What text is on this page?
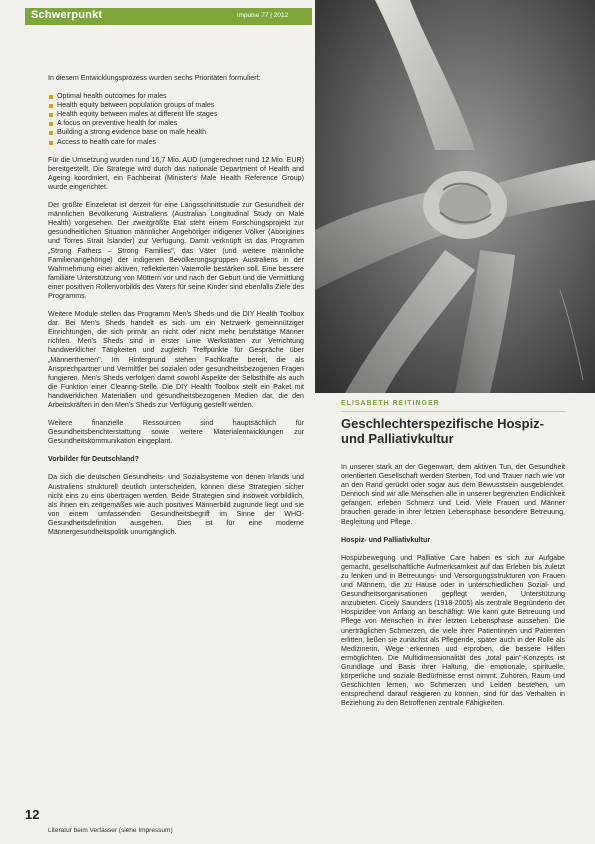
Schwerpunkt	impulse 77 | 2012

In diesem Entwicklungsprozess wurden sechs Prioritäten formuliert:

Optimal health outcomes for males
Health equity between population groups of males
Health equity between males at different life stages
A focus on preventive health for males
Building a strong evidence base on male health
Access to health care for males

Für die Umsetzung wurden rund 16,7 Mio. AUD (umgerechnet rund 12 Mio. EUR) bereitgestellt. Die Strategie wird durch das nationale Department of Health and Ageing koordiniert, ein Fachbeirat (Minister's Male Health Reference Group) wurde eingerichtet.

Der größte Einzeletat ist derzeit für eine Längsschnittstudie zur Gesundheit der männlichen Bevölkerung Australiens (Australian Longitudinal Study on Male Health) vorgesehen. Der zweitgrößte Etat steht einem Forschungsprojekt zur gesundheitlichen Situation männlicher Angehöriger indigener Völker (Aborigines und Torres Strait Islander) zur Verfügung. Damit verknüpft ist das Programm „Strong Fathers – Strong Families", das Väter (und weitere männliche Familienangehörige) der indigenen Bevölkerungsgruppen Australiens in der Wahrnehmung einer aktiven, reflektierten Vaterrolle bestärken soll. Eine bessere familiäre Unterstützung von Müttern vor und nach der Geburt und die Vermittlung einer positiven Rollenvorbilds des Vaters für seine Kinder sind ebenfalls Ziele des Programms.

Weitere Module stellen das Programm Men's Sheds und die DIY Health Toolbox dar. Bei Men's Sheds handelt es sich um ein Netzwerk gemeinnütziger Einrichtungen, die sich primär an nicht oder nicht mehr berufstätige Männer richten. Men's Sheds sind in erster Linie Werkstätten zur Verrichtung handwerklicher Tätigkeiten und zugleich Treffpunkte für Gespräche über „Männerthemen". Im Hintergrund stehen Fachkräfte bereit, die als Ansprechpartner und Vermittler bei sozialen oder gesundheitsbezogenen Fragen fungieren. Men's Sheds verfolgen damit sowohl Aspekte der Selbsthilfe als auch die Funktion einer Clearing-Stelle. Die DIY Health Toolbox stellt ein Paket mit handwerklichen Materialien und gesundheitsbezogenen Medien dar, die den Arbeitskräften in den Men's Sheds zur Verfügung gestellt werden.

Weitere finanzielle Ressourcen sind hauptsächlich für Gesundheitsberichterstattung sowie weitere Materialentwicklungen zur Gesundheitskommunikation eingeplant.

Vorbilder für Deutschland?

Da sich die deutschen Gesundheits- und Sozialsysteme von denen Irlands und Australiens strukturell deutlich unterscheiden, können diese Strategien sicher nicht eins zu eins übertragen werden. Beide Strategien sind insoweit vorbildlich, als ihnen ein zeitgemäßes wie auch positives Männerbild zugrunde liegt und sie von einem umfassenden Gesundheitsbegriff im Sinne der WHO-Gesundheitsdefinition ausgehen. Dies ist für eine moderne Männergesundheitspolitik unumgänglich.

12
Literatur beim Verfasser (siehe Impressum)
ELISABETH REITINGER
Geschlechterspezifische Hospiz- und Palliativkultur

In unserer stark an der Gegenwart, dem aktiven Tun, der Gesundheit orientierten Gesellschaft werden Sterben, Tod und Trauer nach wie vor an den Rand gerückt oder sogar aus dem Bewusstsein ausgeblendet. Dennoch sind wir alle Menschen alle in unserer begrenzten Endlichkeit gefangen, erleben Schmerz und Leid. Viele Frauen und Männer brauchen gerade in ihrer letzten Lebensphase besondere Betreuung, Begleitung und Pflege.

Hospiz- und Palliativkultur

Hospizbewegung und Palliative Care haben es sich zur Aufgabe gemacht, gesellschaftliche Aufmerksamkeit auf das Erleben bis zuletzt zu lenken und in Betreuungs- und Versorgungsstrukturen von Frauen und Männern, die zu Hause oder in unterschiedlichen Sozial- und Gesundheitsorganisationen gepflegt werden, Unterstützung anzubieten. Cicely Saunders (1918-2005) als zentrale Begründerin der Hospizidee von Anfang an beschäftigt: Wie kann gute Betreuung und Pflege von Menschen in ihrer letzten Lebensphase aussehen. Die unerträglichen Schmerzen, die viele ihrer Patientinnen und Patienten erlitten, ließen sie zunächst als Pflegende, später auch in der Rolle als Medizinerin, Wege erkennen und erproben, die bessere Hilfen ermöglichten. Die Multidimensionalität des „total pain"-Konzepts ist Grundlage und Basis ihrer Haltung, die emotionale, spirituelle, körperliche und soziale Bedürfnisse ernst nimmt. Zuhören, Raum und Geschichten lernen, wo Schmerzen und Leiden bestehen, um entsprechend darauf reagieren zu können, sind für das Verhalten in Beziehung zu den Betroffenen zentrale Fähigkeiten.
